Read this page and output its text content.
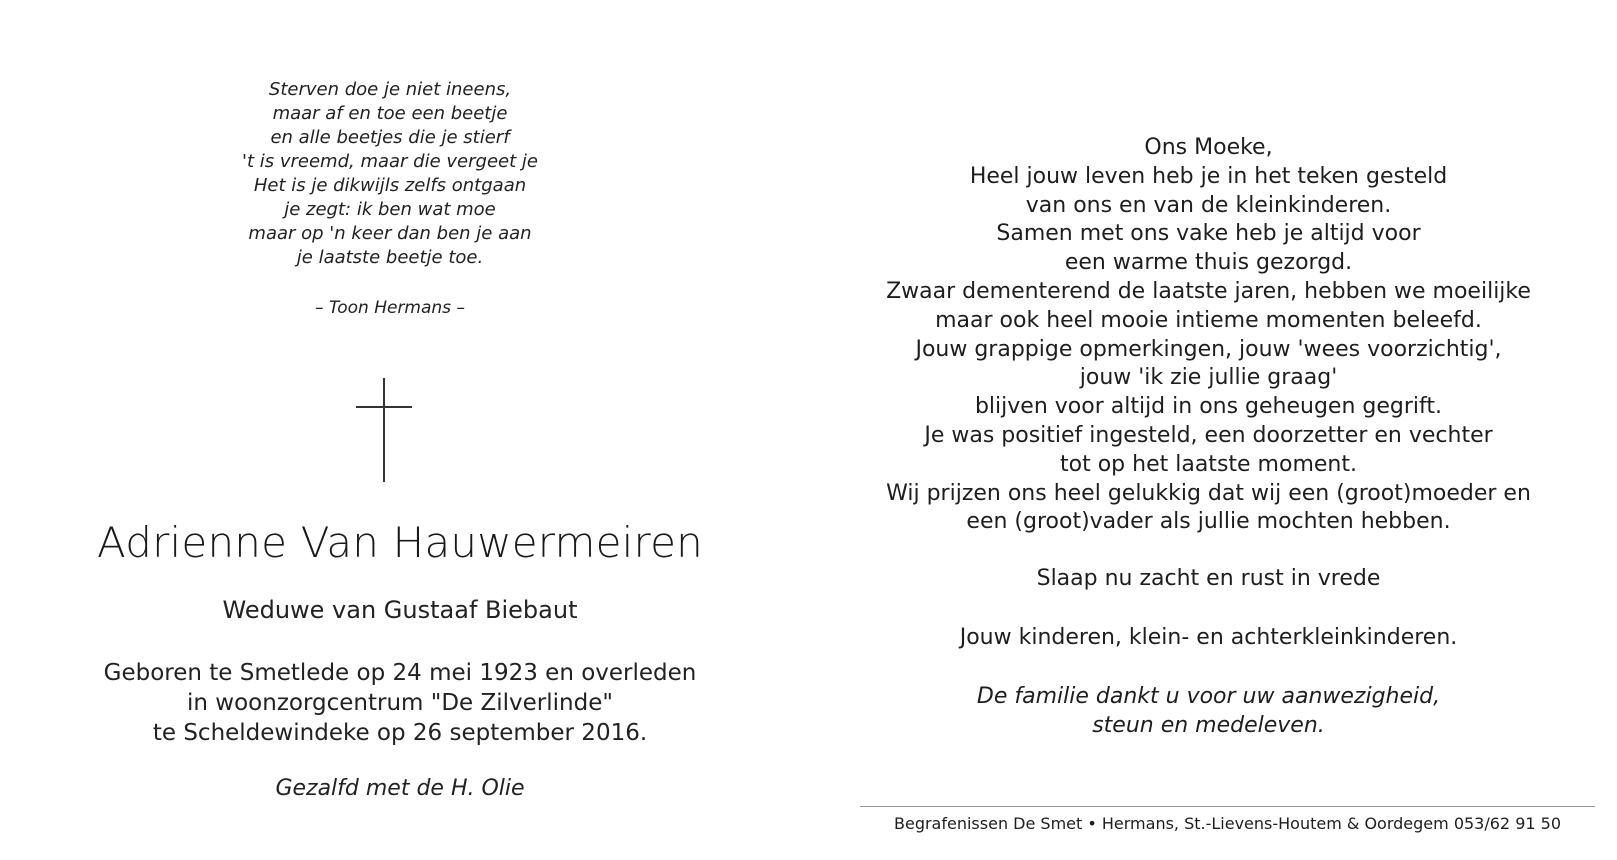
Sterven doe je niet ineens,
maar af en toe een beetje
en alle beetjes die je stierf
't is vreemd, maar die vergeet je
Het is je dikwijls zelfs ontgaan
je zegt: ik ben wat moe
maar op 'n keer dan ben je aan
je laatste beetje toe.
– Toon Hermans –
Adrienne Van Hauwermeiren
Weduwe van Gustaaf Biebaut
Geboren te Smetlede op 24 mei 1923 en overleden
in woonzorgcentrum "De Zilverlinde"
te Scheldewindeke op 26 september 2016.
Gezalfd met de H. Olie
Ons Moeke,
Heel jouw leven heb je in het teken gesteld
van ons en van de kleinkinderen.
Samen met ons vake heb je altijd voor
een warme thuis gezorgd.
Zwaar dementerend de laatste jaren, hebben we moeilijke
maar ook heel mooie intieme momenten beleefd.
Jouw grappige opmerkingen, jouw 'wees voorzichtig',
jouw 'ik zie jullie graag'
blijven voor altijd in ons geheugen gegrift.
Je was positief ingesteld, een doorzetter en vechter
tot op het laatste moment.
Wij prijzen ons heel gelukkig dat wij een (groot)moeder en
een (groot)vader als jullie mochten hebben.
Slaap nu zacht en rust in vrede
Jouw kinderen, klein- en achterkleinkinderen.
De familie dankt u voor uw aanwezigheid,
steun en medeleven.
Begrafenissen De Smet • Hermans, St.-Lievens-Houtem & Oordegem 053/62 91 50
